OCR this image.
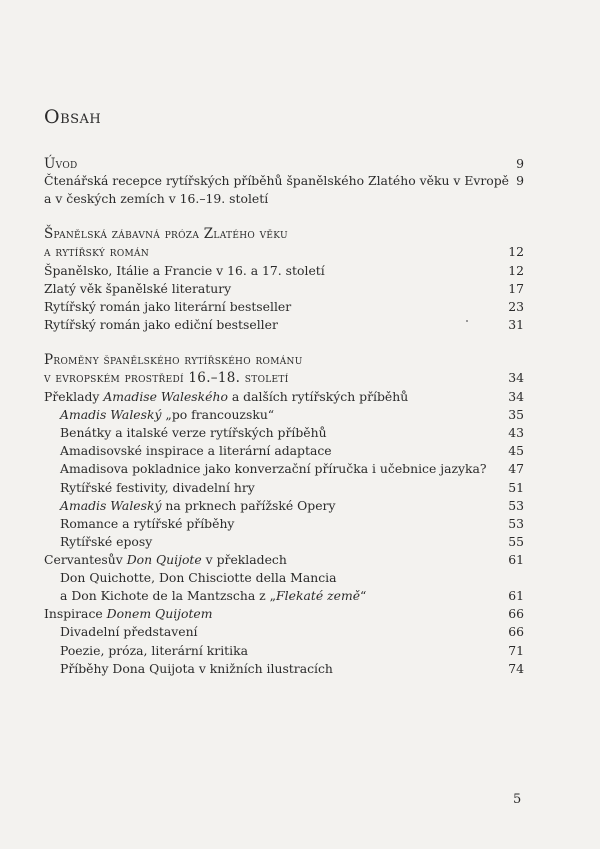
Obsah
Úvod	9
Čtenářská recepce rytířských příběhů španělského Zlatého věku v Evropě 9
a v českých zemích v 16.–19. století
Španělská zábavná próza Zlatého věku
a rytířský román	12
Španělsko, Itálie a Francie v 16. a 17. století	12
Zlatý věk španělské literatury	17
Rytířský román jako literární bestseller	23
Rytířský román jako ediční bestseller	31
Proměny španělského rytířského románu
v evropském prostředí 16.–18. století	34
Překlady Amadise Waleského a dalších rytířských příběhů	34
Amadis Waleský „po francouzsku“	35
Benátky a italské verze rytířských příběhů	43
Amadisovské inspirace a literární adaptace	45
Amadisova pokladnice jako konverzační příručka i učebnice jazyka?	47
Rytířské festivity, divadelní hry	51
Amadis Waleský na prknech pařížské Opery	53
Romance a rytířské příběhy	53
Rytířské eposy	55
Cervantesův Don Quijote v překladech	61
Don Quichotte, Don Chisciotte della Mancia
a Don Kichote de la Mantzscha z „Flekaté země“	61
Inspirace Donem Quijotem	66
Divadelní představení	66
Poezie, próza, literární kritika	71
Příběhy Dona Quijota v knižních ilustracích	74
5
